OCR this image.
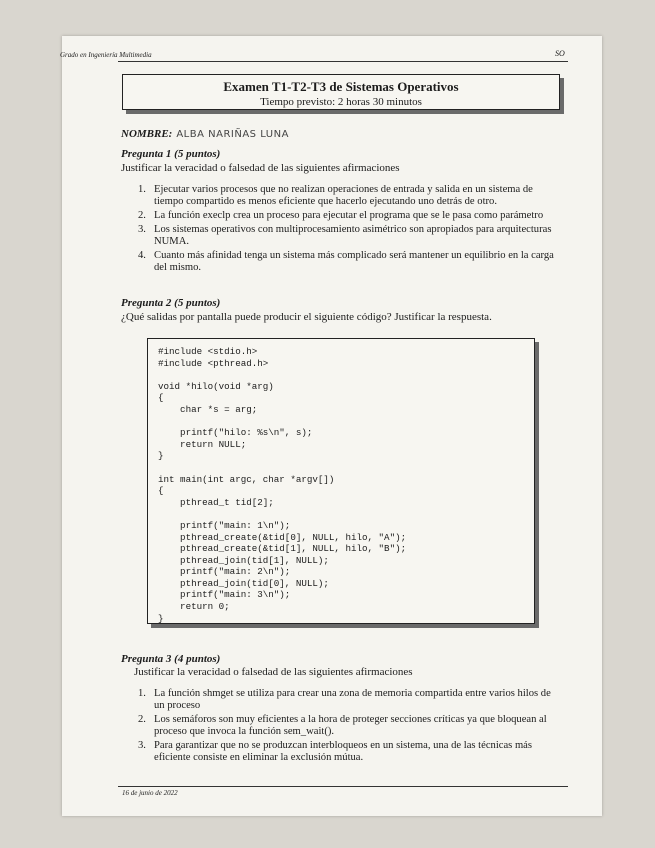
Grado en Ingeniería Multimedia	SO
Examen T1-T2-T3 de Sistemas Operativos
Tiempo previsto: 2 horas 30 minutos
NOMBRE: ALBA NARIÑAS LUNA
Pregunta 1 (5 puntos)
Justificar la veracidad o falsedad de las siguientes afirmaciones
1. Ejecutar varios procesos que no realizan operaciones de entrada y salida en un sistema de
tiempo compartido es menos eficiente que hacerlo ejecutando uno detrás de otro.
2. La función execlp crea un proceso para ejecutar el programa que se le pasa como parámetro
3. Los sistemas operativos con multiprocesamiento asimétrico son apropiados para arquitecturas
NUMA.
4. Cuanto más afinidad tenga un sistema más complicado será mantener un equilibrio en la carga
del mismo.
Pregunta 2 (5 puntos)
¿Qué salidas por pantalla puede producir el siguiente código? Justificar la respuesta.
#include <stdio.h>
#include <pthread.h>

void *hilo(void *arg)
{
char *s = arg;

printf("hilo: %s\n", s);
return NULL;
}

int main(int argc, char *argv[])
{
pthread_t tid[2];

printf("main: 1\n");
pthread_create(&tid[0], NULL, hilo, "A");
pthread_create(&tid[1], NULL, hilo, "B");
pthread_join(tid[1], NULL);
printf("main: 2\n");
pthread_join(tid[0], NULL);
printf("main: 3\n");
return 0;
}
Pregunta 3 (4 puntos)
Justificar la veracidad o falsedad de las siguientes afirmaciones
1. La función shmget se utiliza para crear una zona de memoria compartida entre varios hilos de
un proceso
2. Los semáforos son muy eficientes a la hora de proteger secciones críticas ya que bloquean al
proceso que invoca la función sem_wait().
3. Para garantizar que no se produzcan interbloqueos en un sistema, una de las técnicas más
eficiente consiste en eliminar la exclusión mútua.
16 de junio de 2022
